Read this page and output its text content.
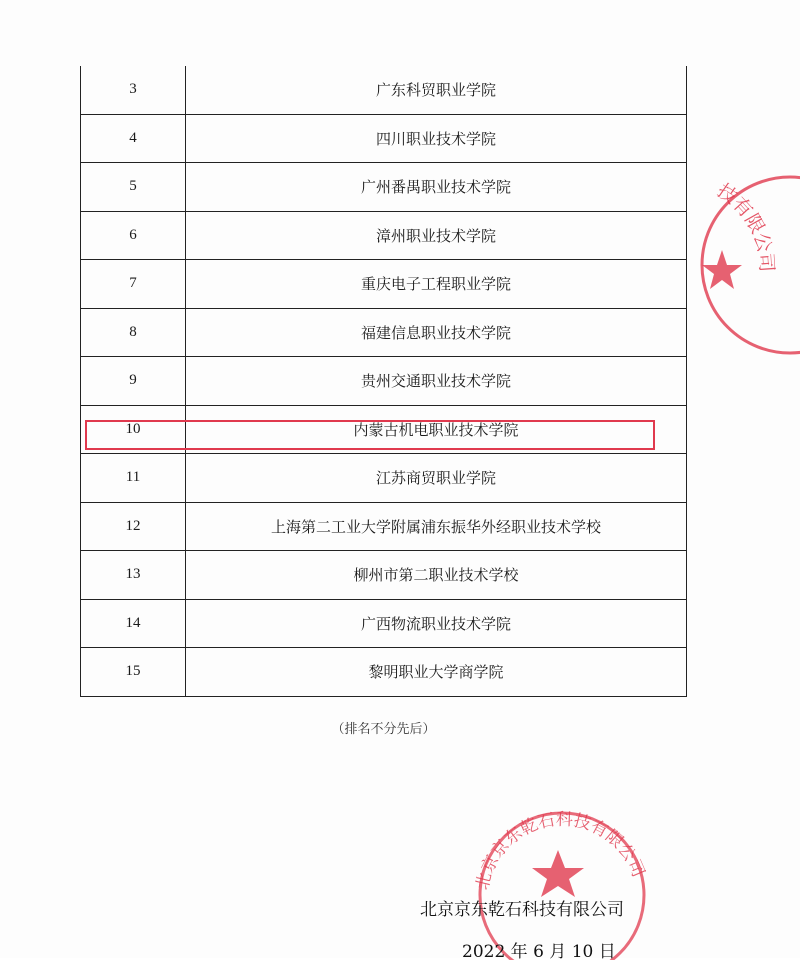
3	广东科贸职业学院
4	四川职业技术学院
5	广州番禺职业技术学院
6	漳州职业技术学院
7	重庆电子工程职业学院
8	福建信息职业技术学院
9	贵州交通职业技术学院
10	内蒙古机电职业技术学院
11	江苏商贸职业学院
12	上海第二工业大学附属浦东振华外经职业技术学校
13	柳州市第二职业技术学校
14	广西物流职业技术学院
15	黎明职业大学商学院
（排名不分先后）
技有限公司
北京京东乾石科技有限公司
北京京东乾石科技有限公司
2022 年 6 月 10 日
